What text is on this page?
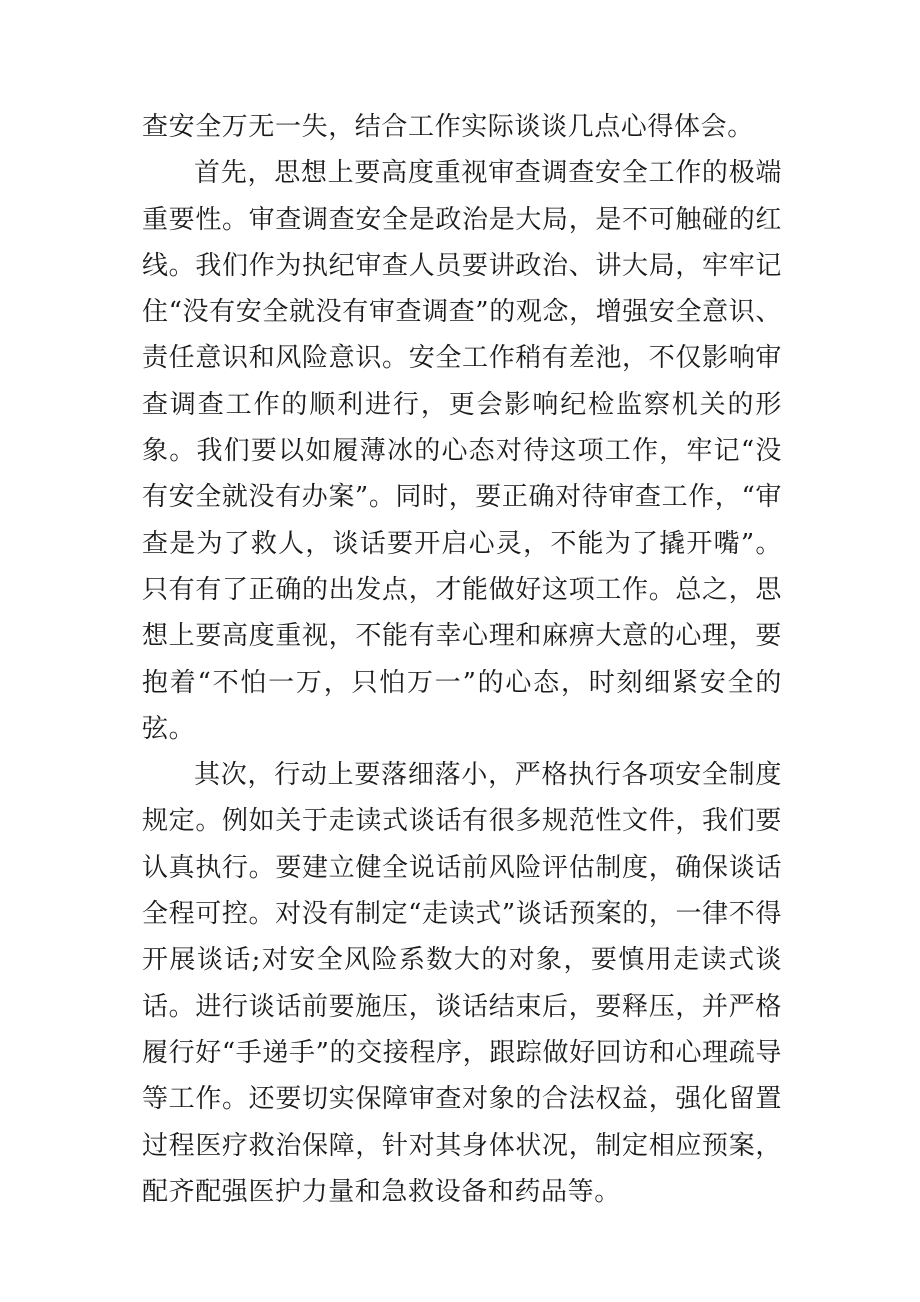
查安全万无一失，结合工作实际谈谈几点心得体会。

首先，思想上要高度重视审查调查安全工作的极端重要性。审查调查安全是政治是大局，是不可触碰的红线。我们作为执纪审查人员要讲政治、讲大局，牢牢记住“没有安全就没有审查调查”的观念，增强安全意识、责任意识和风险意识。安全工作稍有差池，不仅影响审查调查工作的顺利进行，更会影响纪检监察机关的形象。我们要以如履薄冰的心态对待这项工作，牢记“没有安全就没有办案”。同时，要正确对待审查工作，“审查是为了救人，谈话要开启心灵，不能为了撬开嘴”。只有有了正确的出发点，才能做好这项工作。总之，思想上要高度重视，不能有幸心理和麻痹大意的心理，要抱着“不怕一万，只怕万一”的心态，时刻细紧安全的弦。

其次，行动上要落细落小，严格执行各项安全制度规定。例如关于走读式谈话有很多规范性文件，我们要认真执行。要建立健全说话前风险评估制度，确保谈话全程可控。对没有制定“走读式”谈话预案的，一律不得开展谈话;对安全风险系数大的对象，要慎用走读式谈话。进行谈话前要施压，谈话结束后，要释压，并严格履行好“手递手”的交接程序，跟踪做好回访和心理疏导等工作。还要切实保障审查对象的合法权益，强化留置过程医疗救治保障，针对其身体状况，制定相应预案，配齐配强医护力量和急救设备和药品等。
